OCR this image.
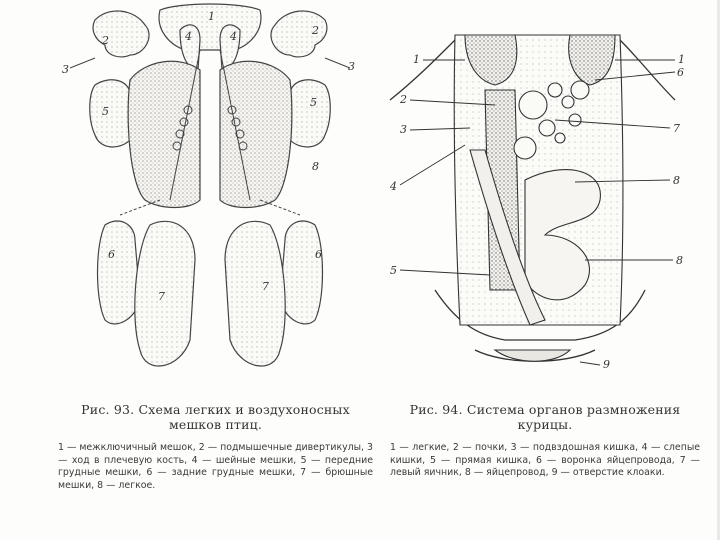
2
2
3	3
4	4
1
5
5
8
6	6
7
7
1	1
6
2
3	7
4	8
8
5
9
Рис. 93. Схема легких и воздухоносных мешков птиц.
1 — межключичный мешок, 2 — подмышечные дивертикулы, 3 — ход в плечевую кость, 4 — шейные мешки, 5 — передние грудные мешки, 6 — задние грудные мешки, 7 — брюшные мешки, 8 — легкое.
Рис. 94. Система органов размножения курицы.
1 — легкие, 2 — почки, 3 — подвздошная кишка, 4 — слепые кишки, 5 — прямая кишка, 6 — воронка яйцепровода, 7 — левый яичник, 8 — яйцепровод, 9 — отверстие клоаки.
